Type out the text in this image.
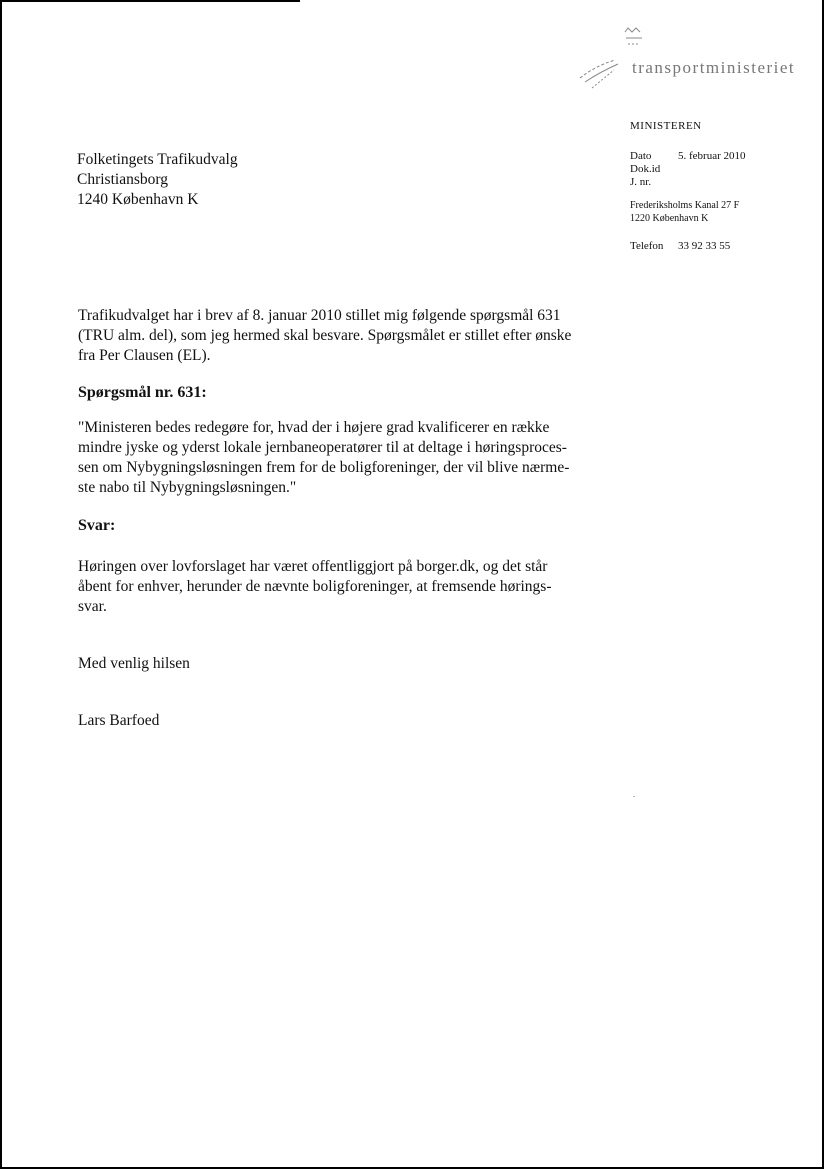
transportministeriet
MINISTEREN
Dato 5. februar 2010
Dok.id
J. nr.
Frederiksholms Kanal 27 F
1220 København K
Telefon 33 92 33 55
Folketingets Trafikudvalg
Christiansborg
1240 København K
Trafikudvalget har i brev af 8. januar 2010 stillet mig følgende spørgsmål 631
(TRU alm. del), som jeg hermed skal besvare. Spørgsmålet er stillet efter ønske
fra Per Clausen (EL).
Spørgsmål nr. 631:
"Ministeren bedes redegøre for, hvad der i højere grad kvalificerer en række
mindre jyske og yderst lokale jernbaneoperatører til at deltage i høringsproces-
sen om Nybygningsløsningen frem for de boligforeninger, der vil blive nærme-
ste nabo til Nybygningsløsningen."
Svar:
Høringen over lovforslaget har været offentliggjort på borger.dk, og det står
åbent for enhver, herunder de nævnte boligforeninger, at fremsende hørings-
svar.
Med venlig hilsen
Lars Barfoed
